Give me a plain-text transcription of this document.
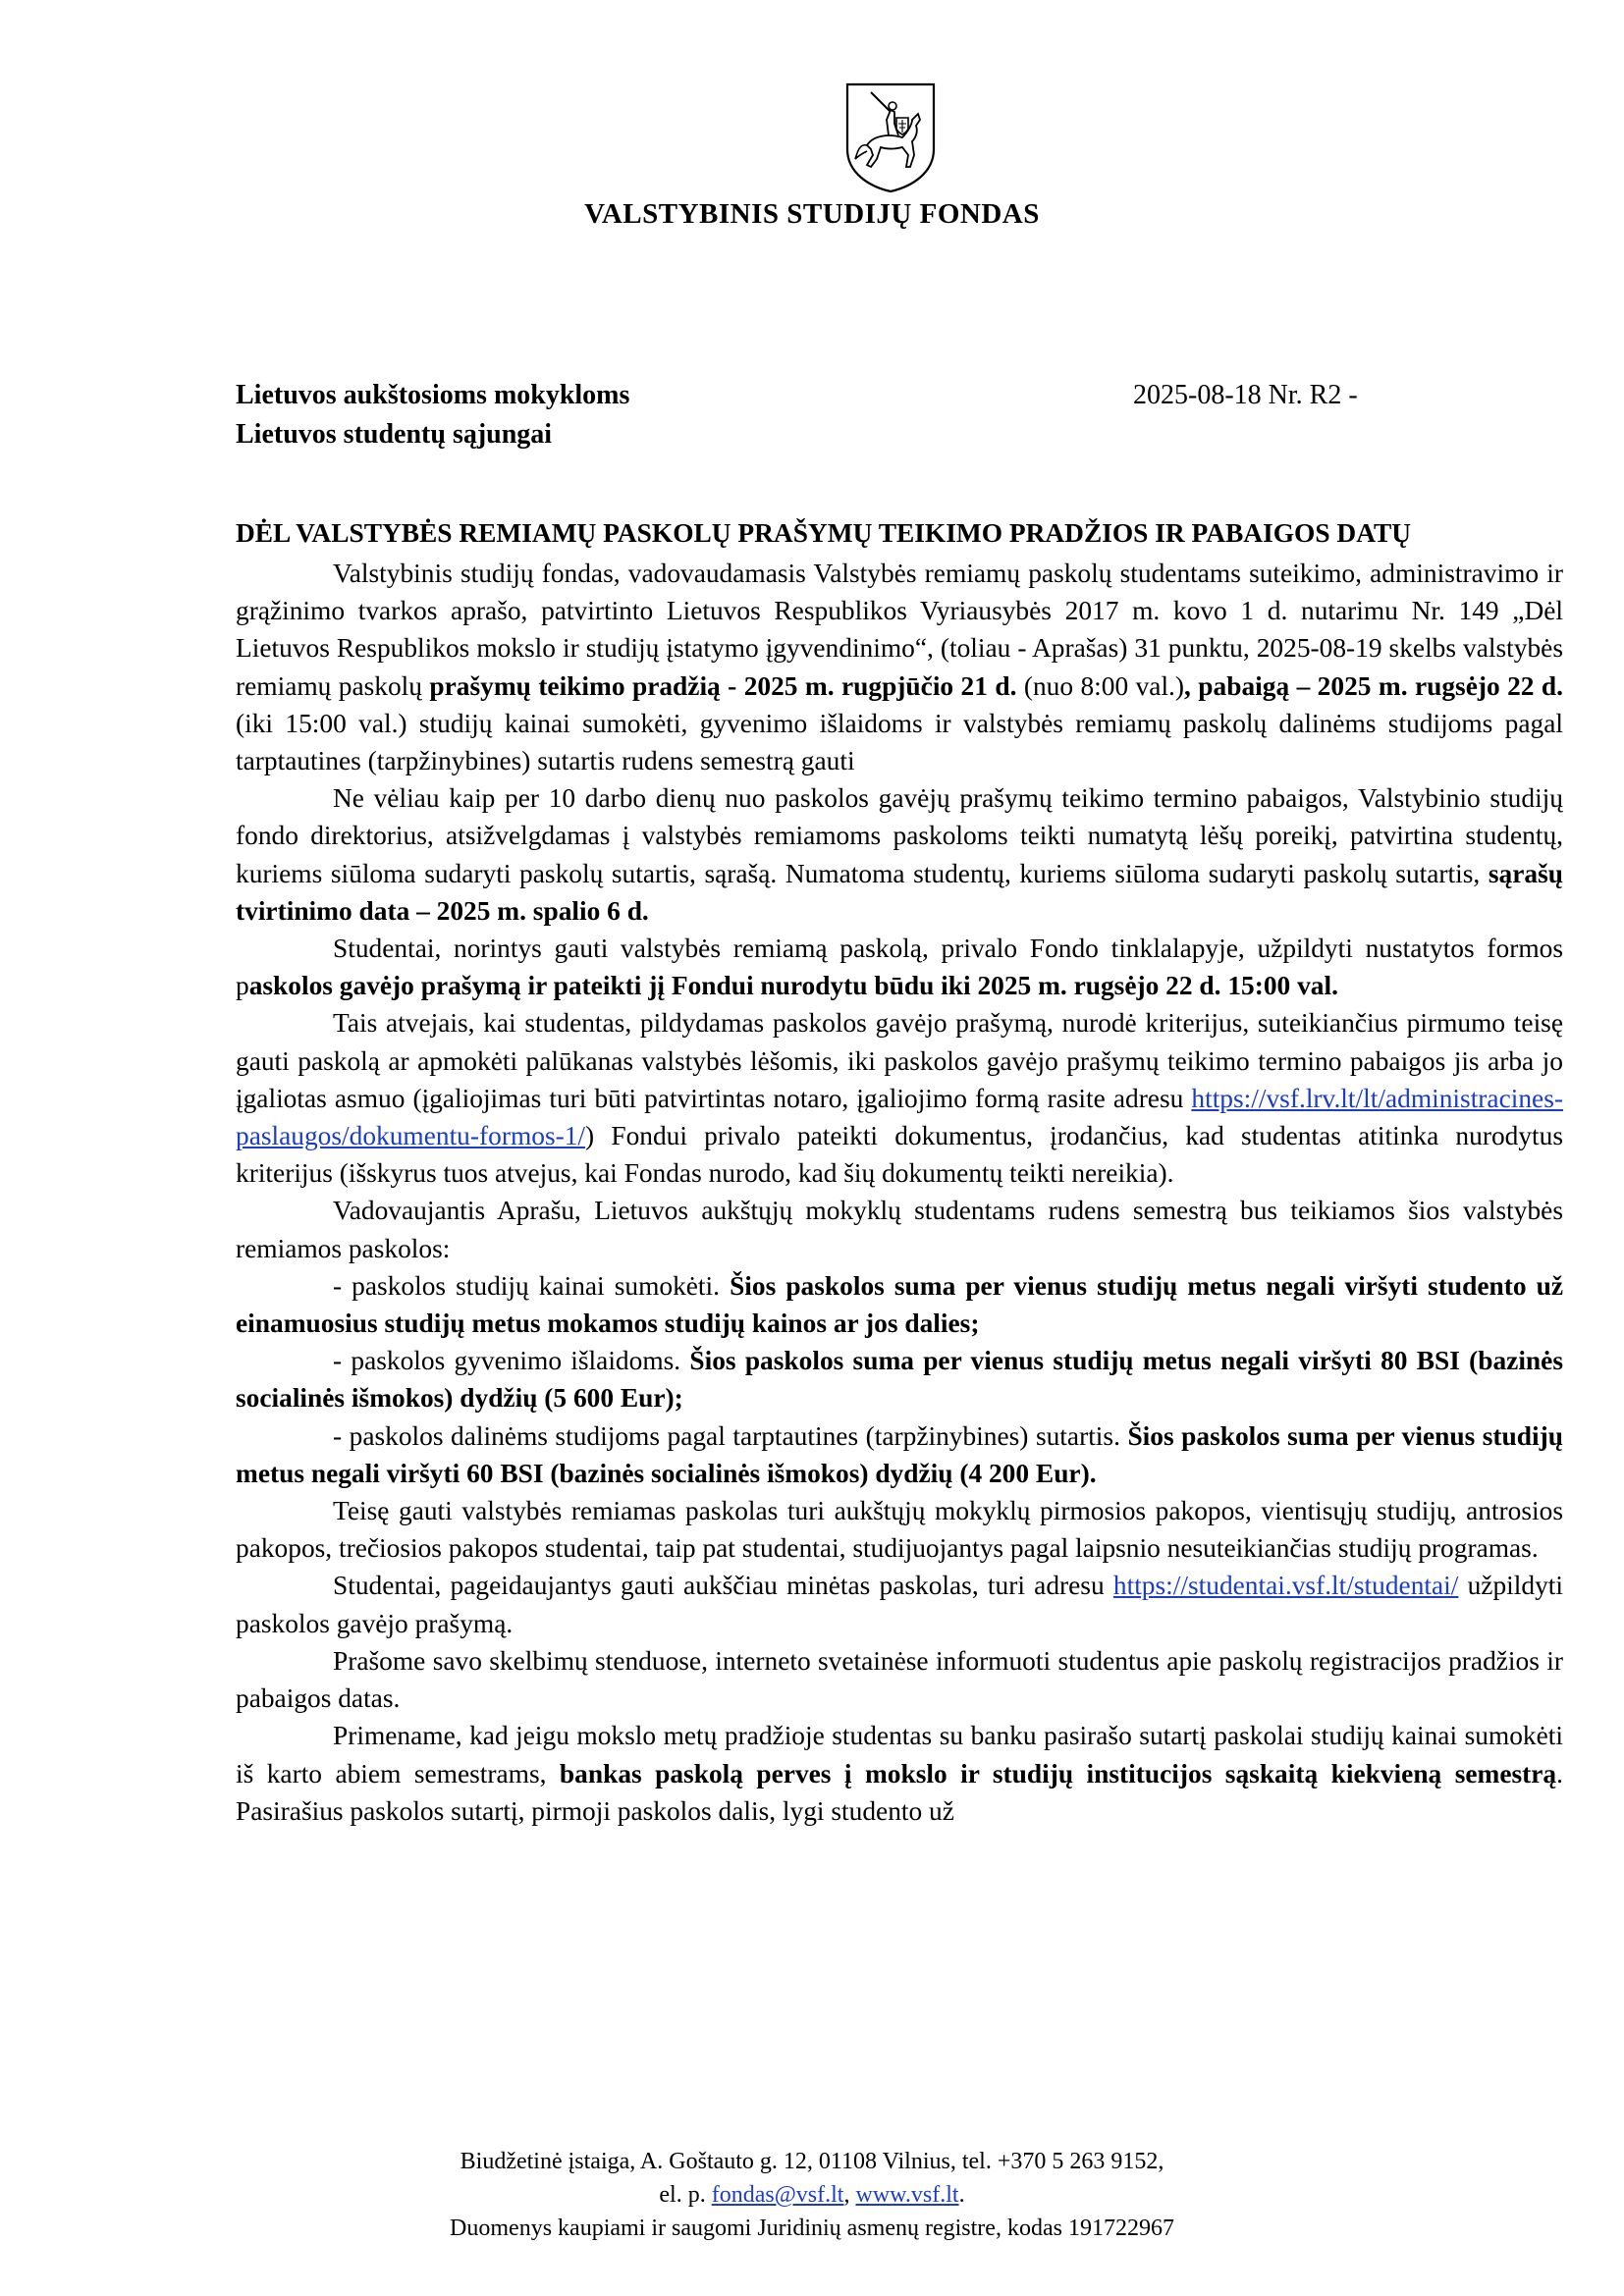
VALSTYBINIS STUDIJŲ FONDAS
Lietuvos aukštosioms mokykloms
Lietuvos studentų sąjungai
2025-08-18 Nr. R2 -

DĖL VALSTYBĖS REMIAMŲ PASKOLŲ PRAŠYMŲ TEIKIMO PRADŽIOS IR PABAIGOS DATŲ

Valstybinis studijų fondas, vadovaudamasis Valstybės remiamų paskolų studentams suteikimo, administravimo ir grąžinimo tvarkos aprašo, patvirtinto Lietuvos Respublikos Vyriausybės 2017 m. kovo 1 d. nutarimu Nr. 149 „Dėl Lietuvos Respublikos mokslo ir studijų įstatymo įgyvendinimo“, (toliau - Aprašas) 31 punktu, 2025-08-19 skelbs valstybės remiamų paskolų prašymų teikimo pradžią - 2025 m. rugpjūčio 21 d. (nuo 8:00 val.), pabaigą – 2025 m. rugsėjo 22 d. (iki 15:00 val.) studijų kainai sumokėti, gyvenimo išlaidoms ir valstybės remiamų paskolų dalinėms studijoms pagal tarptautines (tarpžinybines) sutartis rudens semestrą gauti

Ne vėliau kaip per 10 darbo dienų nuo paskolos gavėjų prašymų teikimo termino pabaigos, Valstybinio studijų fondo direktorius, atsižvelgdamas į valstybės remiamoms paskoloms teikti numatytą lėšų poreikį, patvirtina studentų, kuriems siūloma sudaryti paskolų sutartis, sąrašą. Numatoma studentų, kuriems siūloma sudaryti paskolų sutartis, sąrašų tvirtinimo data – 2025 m. spalio 6 d.

Studentai, norintys gauti valstybės remiamą paskolą, privalo Fondo tinklalapyje, užpildyti nustatytos formos paskolos gavėjo prašymą ir pateikti jį Fondui nurodytu būdu iki 2025 m. rugsėjo 22 d. 15:00 val.

Tais atvejais, kai studentas, pildydamas paskolos gavėjo prašymą, nurodė kriterijus, suteikiančius pirmumo teisę gauti paskolą ar apmokėti palūkanas valstybės lėšomis, iki paskolos gavėjo prašymų teikimo termino pabaigos jis arba jo įgaliotas asmuo (įgaliojimas turi būti patvirtintas notaro, įgaliojimo formą rasite adresu https://vsf.lrv.lt/lt/administracines-paslaugos/dokumentu-formos-1/) Fondui privalo pateikti dokumentus, įrodančius, kad studentas atitinka nurodytus kriterijus (išskyrus tuos atvejus, kai Fondas nurodo, kad šių dokumentų teikti nereikia).

Vadovaujantis Aprašu, Lietuvos aukštųjų mokyklų studentams rudens semestrą bus teikiamos šios valstybės remiamos paskolos:

- paskolos studijų kainai sumokėti. Šios paskolos suma per vienus studijų metus negali viršyti studento už einamuosius studijų metus mokamos studijų kainos ar jos dalies;

- paskolos gyvenimo išlaidoms. Šios paskolos suma per vienus studijų metus negali viršyti 80 BSI (bazinės socialinės išmokos) dydžių (5 600 Eur);

- paskolos dalinėms studijoms pagal tarptautines (tarpžinybines) sutartis. Šios paskolos suma per vienus studijų metus negali viršyti 60 BSI (bazinės socialinės išmokos) dydžių (4 200 Eur).

Teisę gauti valstybės remiamas paskolas turi aukštųjų mokyklų pirmosios pakopos, vientisųjų studijų, antrosios pakopos, trečiosios pakopos studentai, taip pat studentai, studijuojantys pagal laipsnio nesuteikiančias studijų programas.

Studentai, pageidaujantys gauti aukščiau minėtas paskolas, turi adresu https://studentai.vsf.lt/studentai/ užpildyti paskolos gavėjo prašymą.

Prašome savo skelbimų stenduose, interneto svetainėse informuoti studentus apie paskolų registracijos pradžios ir pabaigos datas.

Primename, kad jeigu mokslo metų pradžioje studentas su banku pasirašo sutartį paskolai studijų kainai sumokėti iš karto abiem semestrams, bankas paskolą perves į mokslo ir studijų institucijos sąskaitą kiekvieną semestrą. Pasirašius paskolos sutartį, pirmoji paskolos dalis, lygi studento už

Biudžetinė įstaiga, A. Goštauto g. 12, 01108 Vilnius, tel. +370 5 263 9152,
el. p. fondas@vsf.lt, www.vsf.lt.
Duomenys kaupiami ir saugomi Juridinių asmenų registre, kodas 191722967
